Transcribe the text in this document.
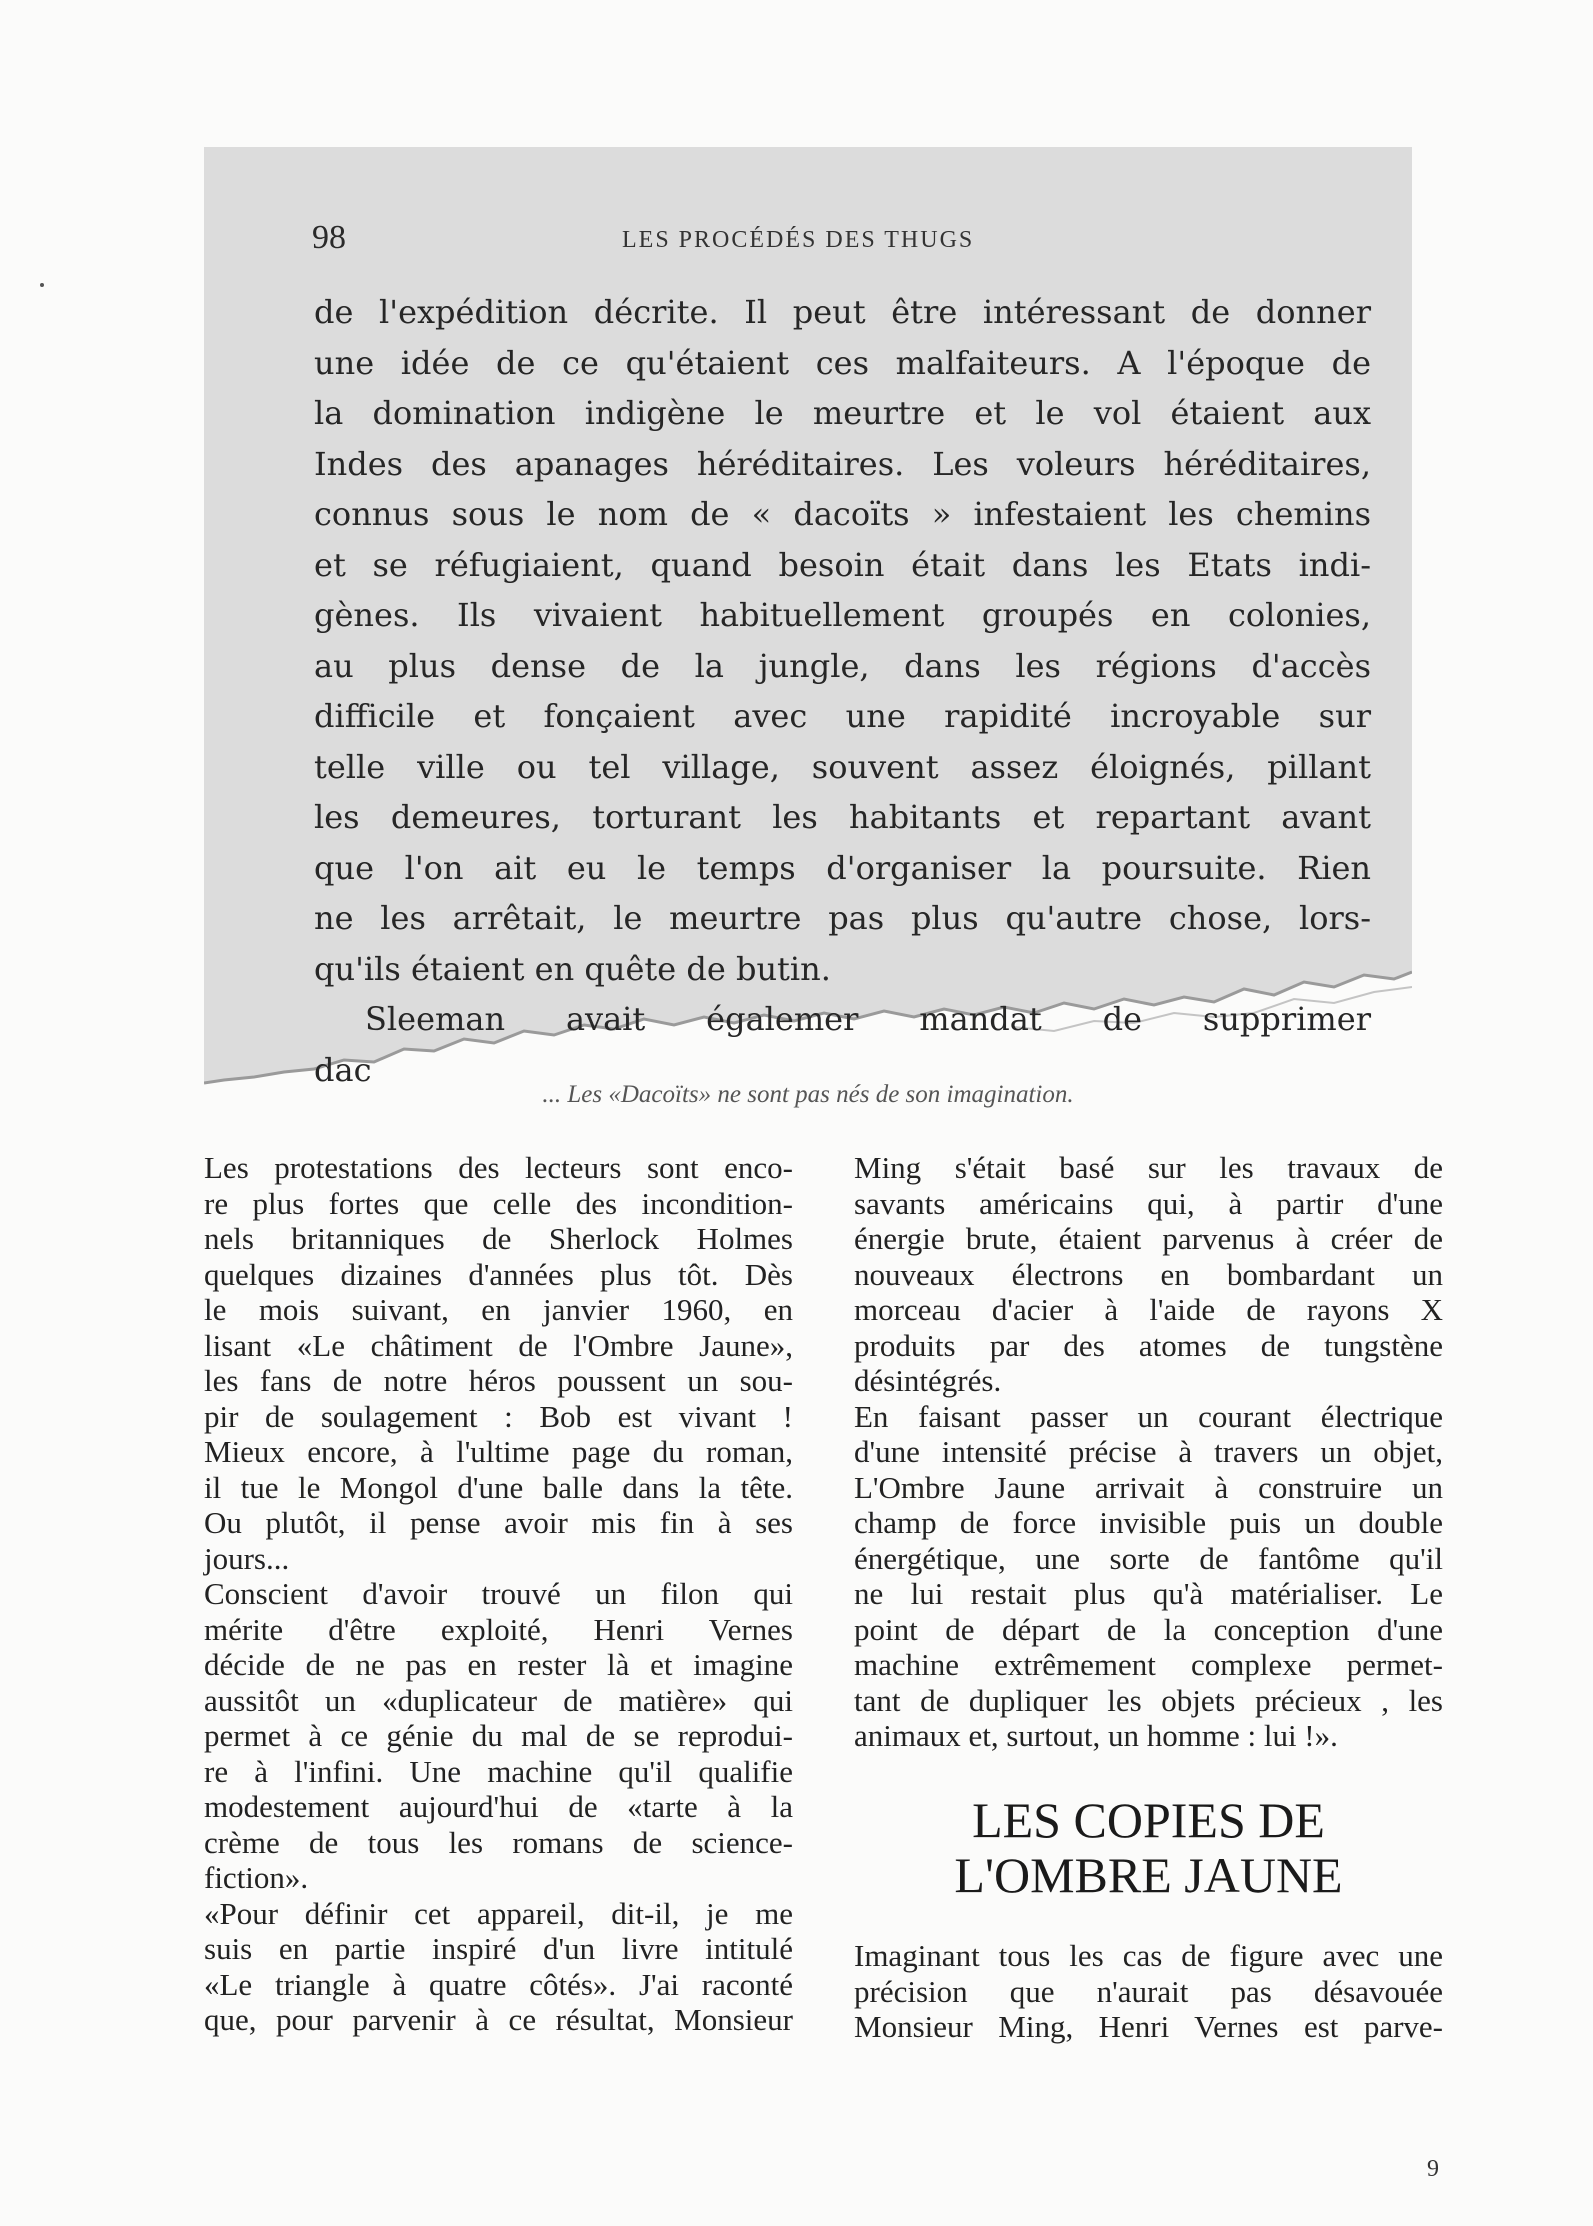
98	LES PROCÉDÉS DES THUGS
de l'expédition décrite. Il peut être intéressant de donner
une idée de ce qu'étaient ces malfaiteurs. A l'époque de
la domination indigène le meurtre et le vol étaient aux
Indes des apanages héréditaires. Les voleurs héréditaires,
connus sous le nom de « dacoïts » infestaient les chemins
et se réfugiaient, quand besoin était dans les Etats indi-
gènes. Ils vivaient habituellement groupés en colonies,
au plus dense de la jungle, dans les régions d'accès
difficile et fonçaient avec une rapidité incroyable sur
telle ville ou tel village, souvent assez éloignés, pillant
les demeures, torturant les habitants et repartant avant
que l'on ait eu le temps d'organiser la poursuite. Rien
ne les arrêtait, le meurtre pas plus qu'autre chose, lors-
qu'ils étaient en quête de butin.
Sleeman avait égalemer mandat de supprimer
dac
... Les «Dacoïts» ne sont pas nés de son imagination.
Les protestations des lecteurs sont enco-
re plus fortes que celle des incondition-
nels britanniques de Sherlock Holmes
quelques dizaines d'années plus tôt. Dès
le mois suivant, en janvier 1960, en
lisant «Le châtiment de l'Ombre Jaune»,
les fans de notre héros poussent un sou-
pir de soulagement : Bob est vivant !
Mieux encore, à l'ultime page du roman,
il tue le Mongol d'une balle dans la tête.
Ou plutôt, il pense avoir mis fin à ses
jours...
Conscient d'avoir trouvé un filon qui
mérite d'être exploité, Henri Vernes
décide de ne pas en rester là et imagine
aussitôt un «duplicateur de matière» qui
permet à ce génie du mal de se reprodui-
re à l'infini. Une machine qu'il qualifie
modestement aujourd'hui de «tarte à la
crème de tous les romans de science-
fiction».
«Pour définir cet appareil, dit-il, je me
suis en partie inspiré d'un livre intitulé
«Le triangle à quatre côtés». J'ai raconté
que, pour parvenir à ce résultat, Monsieur
Ming s'était basé sur les travaux de
savants américains qui, à partir d'une
énergie brute, étaient parvenus à créer de
nouveaux électrons en bombardant un
morceau d'acier à l'aide de rayons X
produits par des atomes de tungstène
désintégrés.
En faisant passer un courant électrique
d'une intensité précise à travers un objet,
L'Ombre Jaune arrivait à construire un
champ de force invisible puis un double
énergétique, une sorte de fantôme qu'il
ne lui restait plus qu'à matérialiser. Le
point de départ de la conception d'une
machine extrêmement complexe permet-
tant de dupliquer les objets précieux , les
animaux et, surtout, un homme : lui !».
LES COPIES DE
L'OMBRE JAUNE
Imaginant tous les cas de figure avec une
précision que n'aurait pas désavouée
Monsieur Ming, Henri Vernes est parve-
9
